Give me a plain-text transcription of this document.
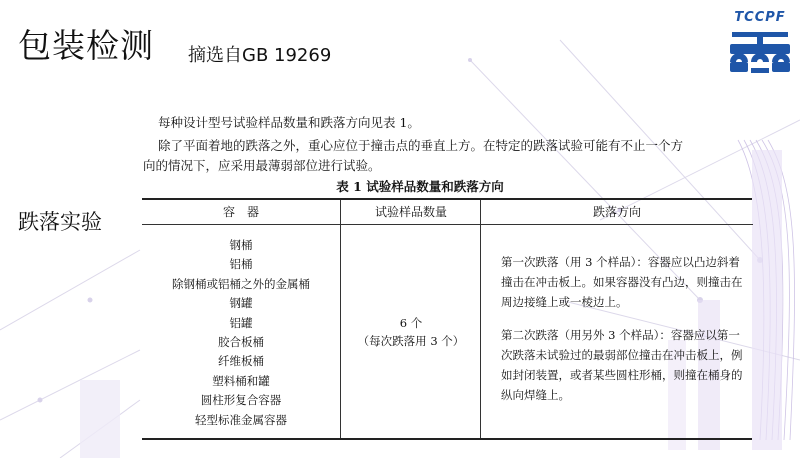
包装检测 摘选自GB 19269
TCCPF
跌落实验
每种设计型号试验样品数量和跌落方向见表 1。
除了平面着地的跌落之外，重心应位于撞击点的垂直上方。在特定的跌落试验可能有不止一个方
向的情况下，应采用最薄弱部位进行试验。
表 1 试验样品数量和跌落方向
容　器
钢桶
铝桶
除钢桶或铝桶之外的金属桶
钢罐
铝罐
胶合板桶
纤维板桶
塑料桶和罐
圆柱形复合容器
轻型标准金属容器
试验样品数量
6 个
（每次跌落用 3 个）
跌落方向
第一次跌落（用 3 个样品）：容器应以凸边斜着
撞击在冲击板上。如果容器没有凸边，则撞击在
周边接缝上或一棱边上。
第二次跌落（用另外 3 个样品）：容器应以第一
次跌落未试验过的最弱部位撞击在冲击板上，例
如封闭装置，或者某些圆柱形桶，则撞在桶身的
纵向焊缝上。
